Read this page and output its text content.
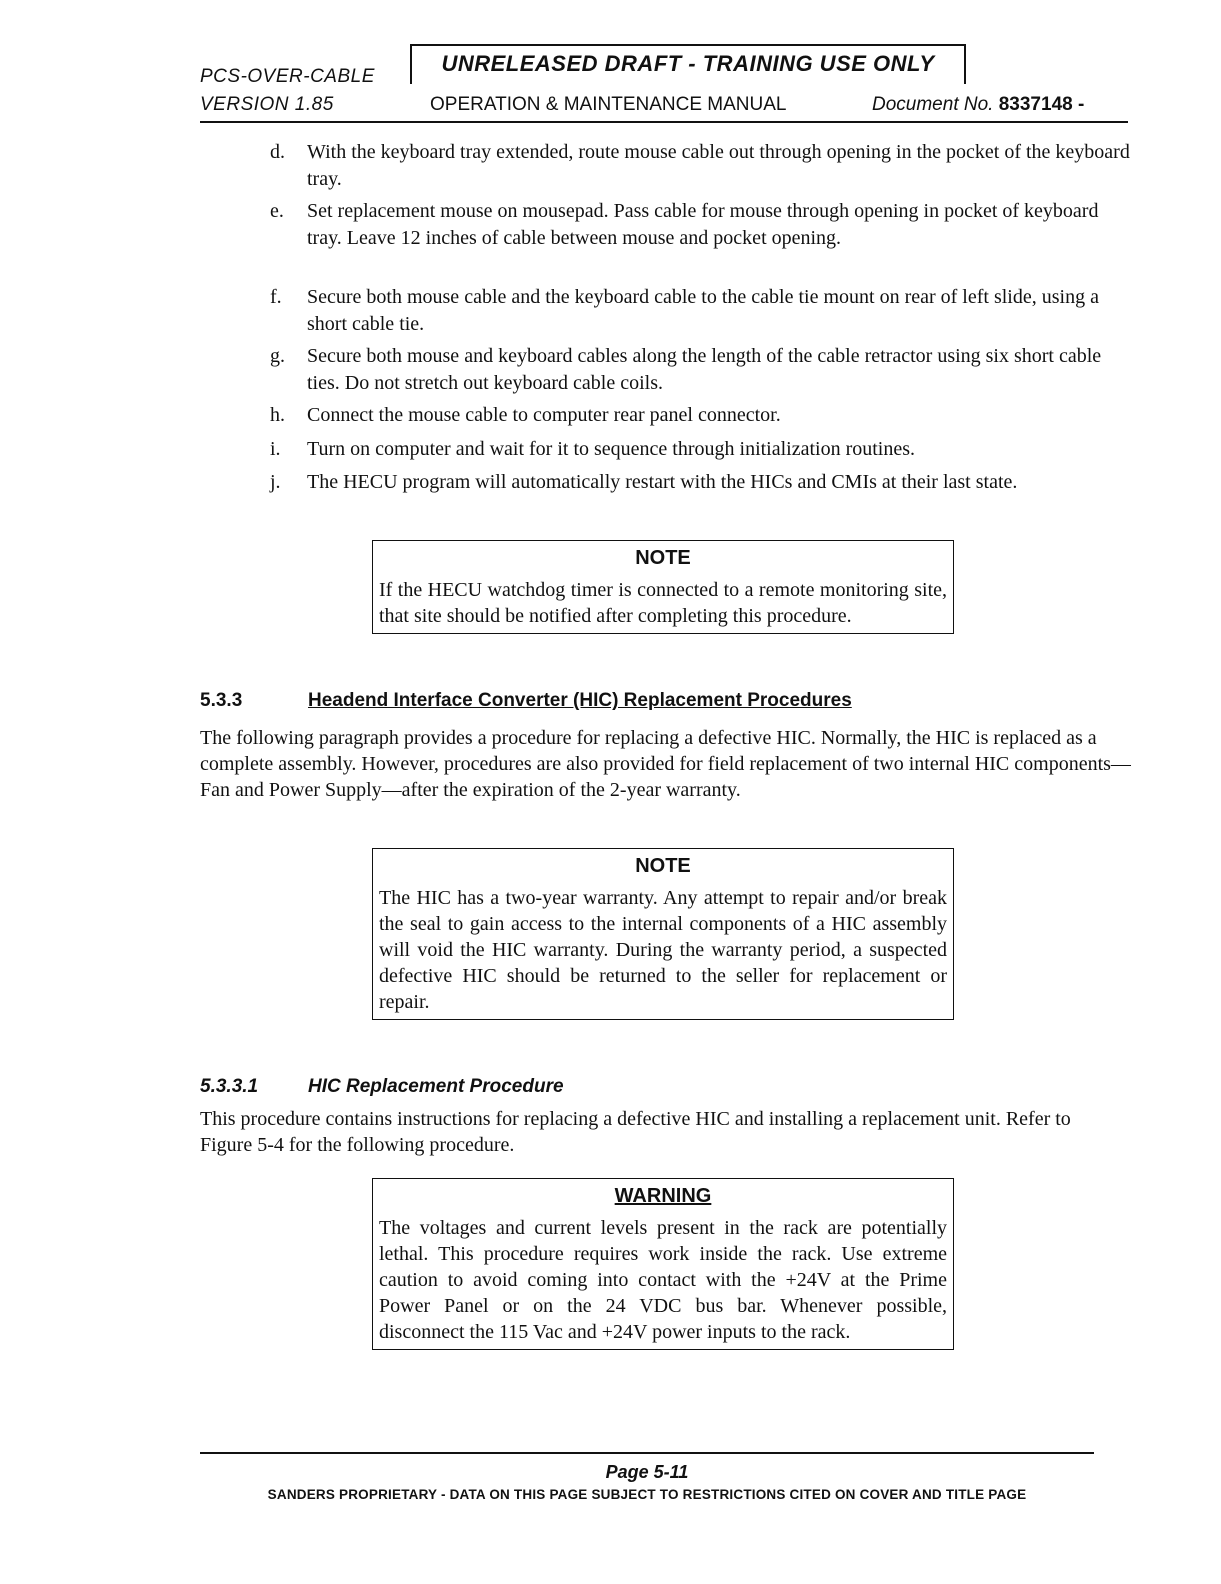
PCS-OVER-CABLE
VERSION 1.85
UNRELEASED DRAFT - TRAINING USE ONLY
OPERATION & MAINTENANCE MANUAL	Document No. 8337148 -
d. With the keyboard tray extended, route mouse cable out through opening in the pocket of the keyboard tray.
e. Set replacement mouse on mousepad. Pass cable for mouse through opening in pocket of keyboard tray. Leave 12 inches of cable between mouse and pocket opening.
f. Secure both mouse cable and the keyboard cable to the cable tie mount on rear of left slide, using a short cable tie.
g. Secure both mouse and keyboard cables along the length of the cable retractor using six short cable ties. Do not stretch out keyboard cable coils.
h. Connect the mouse cable to computer rear panel connector.
i. Turn on computer and wait for it to sequence through initialization routines.
j. The HECU program will automatically restart with the HICs and CMIs at their last state.
NOTE
If the HECU watchdog timer is connected to a remote monitoring site, that site should be notified after completing this procedure.
5.3.3	Headend Interface Converter (HIC) Replacement Procedures
The following paragraph provides a procedure for replacing a defective HIC. Normally, the HIC is replaced as a complete assembly. However, procedures are also provided for field replacement of two internal HIC components—Fan and Power Supply—after the expiration of the 2-year warranty.
NOTE
The HIC has a two-year warranty. Any attempt to repair and/or break the seal to gain access to the internal components of a HIC assembly will void the HIC warranty. During the warranty period, a suspected defective HIC should be returned to the seller for replacement or repair.
5.3.3.1	HIC Replacement Procedure
This procedure contains instructions for replacing a defective HIC and installing a replacement unit. Refer to Figure 5-4 for the following procedure.
WARNING
The voltages and current levels present in the rack are potentially lethal. This procedure requires work inside the rack. Use extreme caution to avoid coming into contact with the +24V at the Prime Power Panel or on the 24 VDC bus bar. Whenever possible, disconnect the 115 Vac and +24V power inputs to the rack.
Page 5-11
SANDERS PROPRIETARY - DATA ON THIS PAGE SUBJECT TO RESTRICTIONS CITED ON COVER AND TITLE PAGE
